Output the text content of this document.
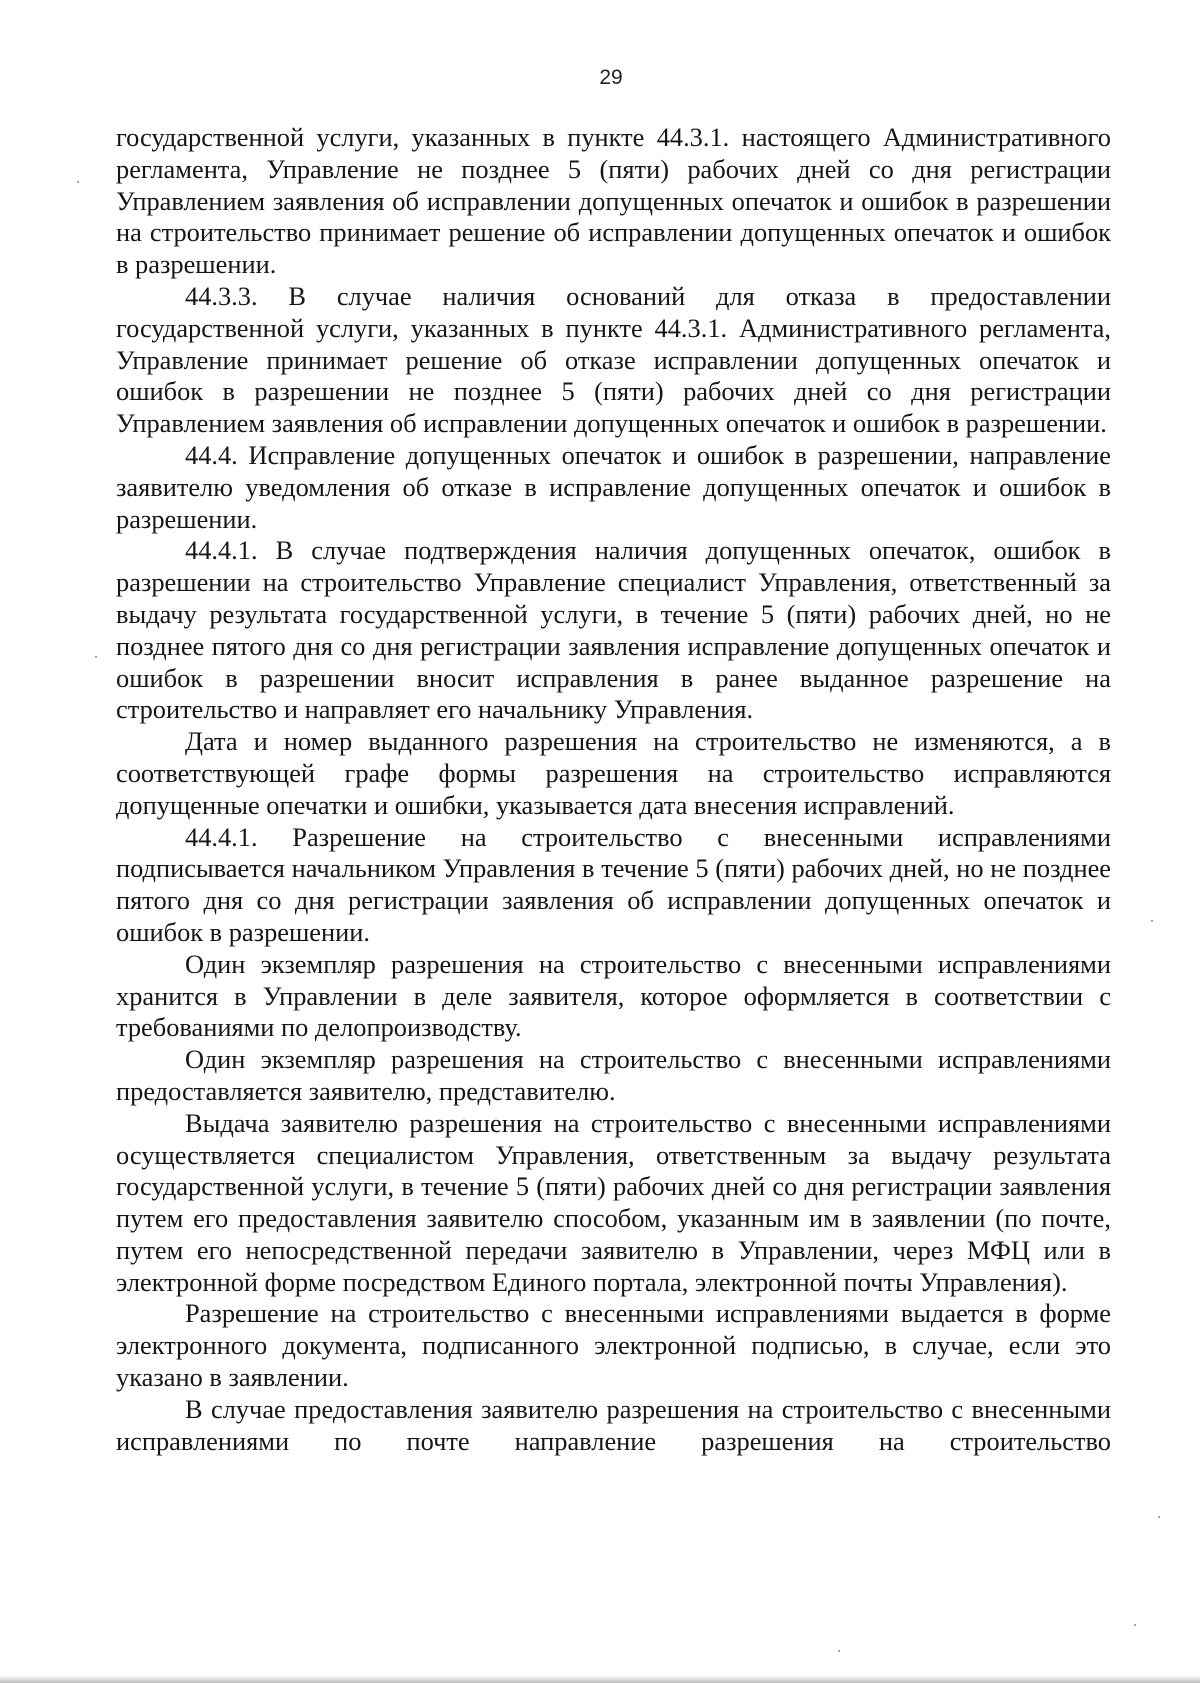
29

государственной услуги, указанных в пункте 44.3.1. настоящего Административного регламента, Управление не позднее 5 (пяти) рабочих дней со дня регистрации Управлением заявления об исправлении допущенных опечаток и ошибок в разрешении на строительство принимает решение об исправлении допущенных опечаток и ошибок в разрешении.

44.3.3. В случае наличия оснований для отказа в предоставлении государственной услуги, указанных в пункте 44.3.1. Административного регламента, Управление принимает решение об отказе исправлении допущенных опечаток и ошибок в разрешении не позднее 5 (пяти) рабочих дней со дня регистрации Управлением заявления об исправлении допущенных опечаток и ошибок в разрешении.

44.4. Исправление допущенных опечаток и ошибок в разрешении, направление заявителю уведомления об отказе в исправление допущенных опечаток и ошибок в разрешении.

44.4.1. В случае подтверждения наличия допущенных опечаток, ошибок в разрешении на строительство Управление специалист Управления, ответственный за выдачу результата государственной услуги, в течение 5 (пяти) рабочих дней, но не позднее пятого дня со дня регистрации заявления исправление допущенных опечаток и ошибок в разрешении вносит исправления в ранее выданное разрешение на строительство и направляет его начальнику Управления.

Дата и номер выданного разрешения на строительство не изменяются, а в соответствующей графе формы разрешения на строительство исправляются допущенные опечатки и ошибки, указывается дата внесения исправлений.

44.4.1. Разрешение на строительство с внесенными исправлениями подписывается начальником Управления в течение 5 (пяти) рабочих дней, но не позднее пятого дня со дня регистрации заявления об исправлении допущенных опечаток и ошибок в разрешении.

Один экземпляр разрешения на строительство с внесенными исправлениями хранится в Управлении в деле заявителя, которое оформляется в соответствии с требованиями по делопроизводству.

Один экземпляр разрешения на строительство с внесенными исправлениями предоставляется заявителю, представителю.

Выдача заявителю разрешения на строительство с внесенными исправлениями осуществляется специалистом Управления, ответственным за выдачу результата государственной услуги, в течение 5 (пяти) рабочих дней со дня регистрации заявления путем его предоставления заявителю способом, указанным им в заявлении (по почте, путем его непосредственной передачи заявителю в Управлении, через МФЦ или в электронной форме посредством Единого портала, электронной почты Управления).

Разрешение на строительство с внесенными исправлениями выдается в форме электронного документа, подписанного электронной подписью, в случае, если это указано в заявлении.

В случае предоставления заявителю разрешения на строительство с внесенными исправлениями по почте направление разрешения на строительство
